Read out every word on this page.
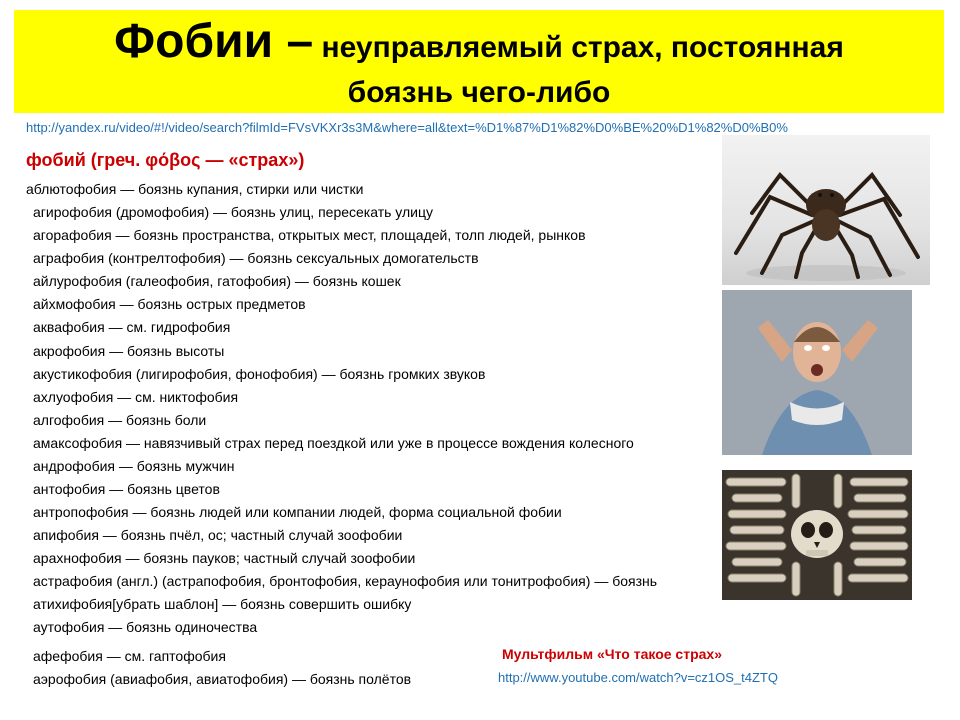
Фобии – неуправляемый страх, постоянная
боязнь чего-либо
http://yandex.ru/video/#!/video/search?filmId=FVsVKXr3s3M&where=all&text=%D1%87%D1%82%D0%BE%20%D1%82%D0%B0%
фобий (греч. φόβος — «страх»)
аблютофобия — боязнь купания, стирки или чистки
агирофобия (дромофобия) — боязнь улиц, пересекать улицу
агорафобия — боязнь пространства, открытых мест, площадей, толп людей, рынков
аграфобия (контрелтофобия) — боязнь сексуальных домогательств
айлурофобия (галеофобия, гатофобия) — боязнь кошек
айхмофобия — боязнь острых предметов
аквафобия — см. гидрофобия
акрофобия — боязнь высоты
акустикофобия (лигирофобия, фонофобия) — боязнь громких звуков
ахлуофобия — см. никтофобия
алгофобия — боязнь боли
амаксофобия — навязчивый страх перед поездкой или уже в процессе вождения колесного
андрофобия — боязнь мужчин
антофобия — боязнь цветов
антропофобия — боязнь людей или компании людей, форма социальной фобии
апифобия — боязнь пчёл, ос; частный случай зоофобии
арахнофобия — боязнь пауков; частный случай зоофобии
астрафобия (англ.) (астрапофобия, бронтофобия, кераунофобия или тонитрофобия) — боязнь
атихифобия[убрать шаблон] — боязнь совершить ошибку
аутофобия — боязнь одиночества
афефобия — см. гаптофобия
аэрофобия (авиафобия, авиатофобия) — боязнь полётов
Мультфильм «Что такое страх»
http://www.youtube.com/watch?v=cz1OS_t4ZTQ
